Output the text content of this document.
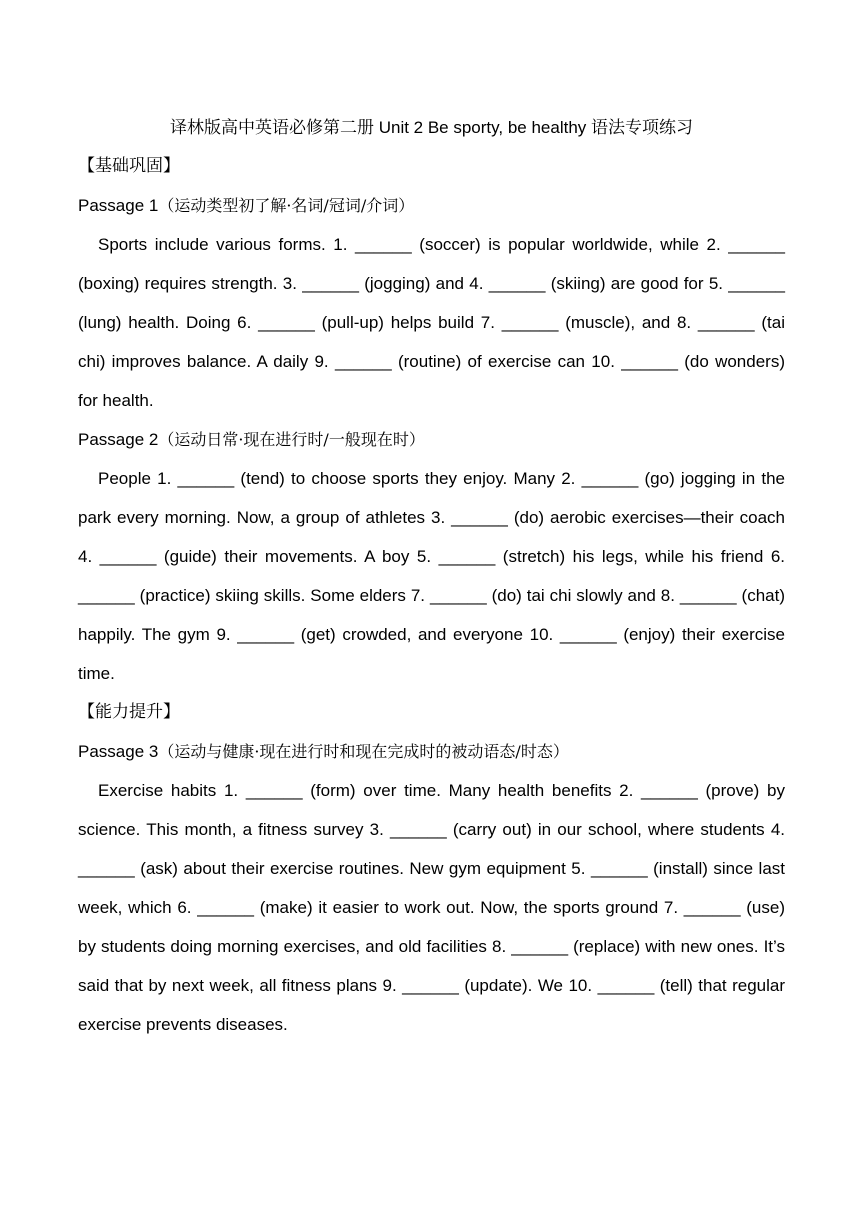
译林版高中英语必修第二册 Unit 2 Be sporty, be healthy 语法专项练习

【基础巩固】

Passage 1（运动类型初了解·名词/冠词/介词）

Sports include various forms. 1. ______ (soccer) is popular worldwide, while 2. ______ (boxing) requires strength. 3. ______ (jogging) and 4. ______ (skiing) are good for 5. ______ (lung) health. Doing 6. ______ (pull-up) helps build 7. ______ (muscle), and 8. ______ (tai chi) improves balance. A daily 9. ______ (routine) of exercise can 10. ______ (do wonders) for health.

Passage 2（运动日常·现在进行时/一般现在时）

People 1. ______ (tend) to choose sports they enjoy. Many 2. ______ (go) jogging in the park every morning. Now, a group of athletes 3. ______ (do) aerobic exercises—their coach 4. ______ (guide) their movements. A boy 5. ______ (stretch) his legs, while his friend 6. ______ (practice) skiing skills. Some elders 7. ______ (do) tai chi slowly and 8. ______ (chat) happily. The gym 9. ______ (get) crowded, and everyone 10. ______ (enjoy) their exercise time.

【能力提升】

Passage 3（运动与健康·现在进行时和现在完成时的被动语态/时态）

Exercise habits 1. ______ (form) over time. Many health benefits 2. ______ (prove) by science. This month, a fitness survey 3. ______ (carry out) in our school, where students 4. ______ (ask) about their exercise routines. New gym equipment 5. ______ (install) since last week, which 6. ______ (make) it easier to work out. Now, the sports ground 7. ______ (use) by students doing morning exercises, and old facilities 8. ______ (replace) with new ones. It’s said that by next week, all fitness plans 9. ______ (update). We 10. ______ (tell) that regular exercise prevents diseases.
